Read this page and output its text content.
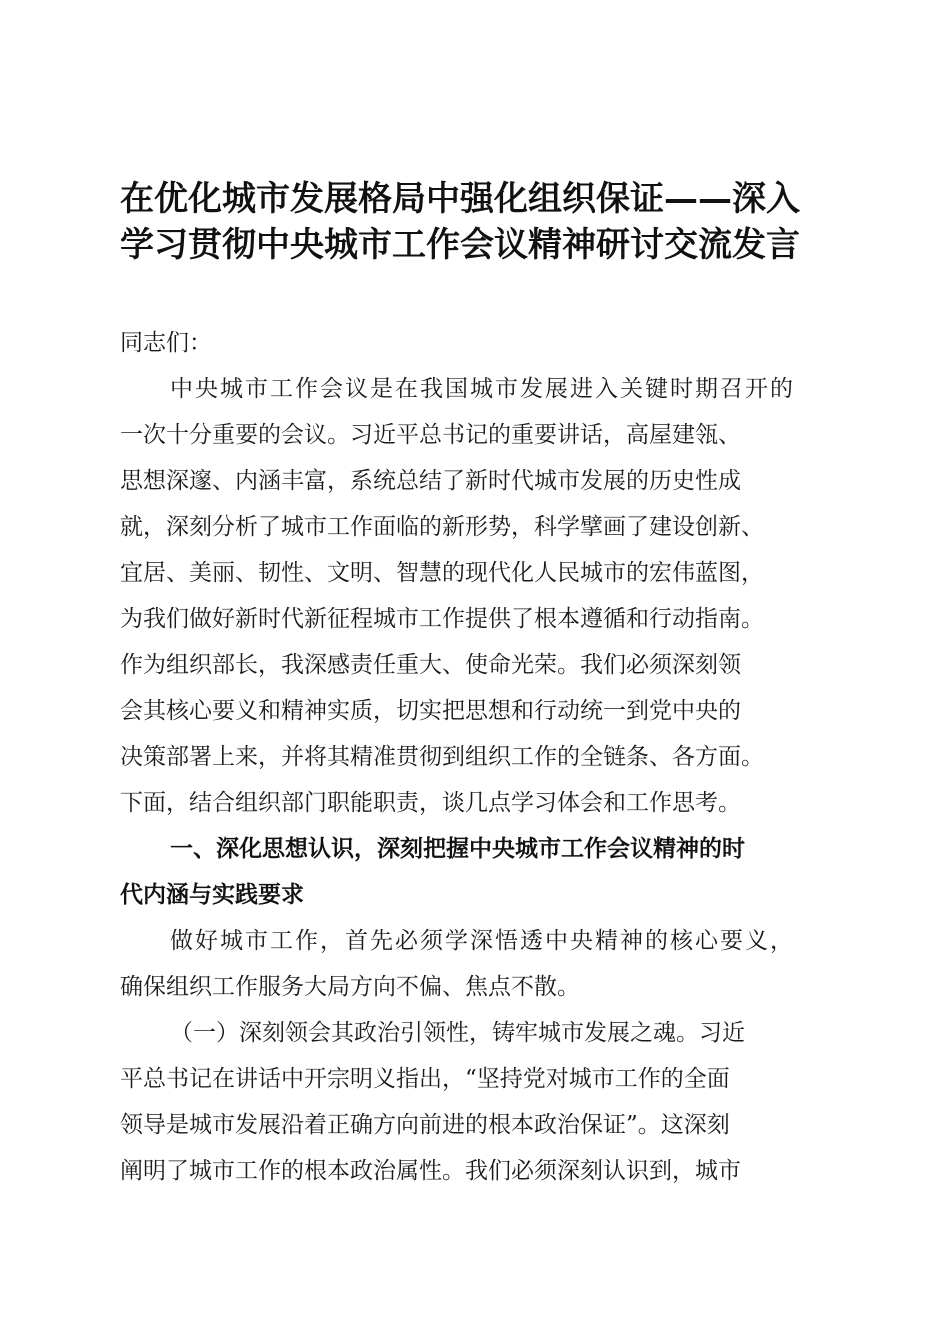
在优化城市发展格局中强化组织保证——深入
学习贯彻中央城市工作会议精神研讨交流发言
同志们：
中央城市工作会议是在我国城市发展进入关键时期召开的
一次十分重要的会议。习近平总书记的重要讲话，高屋建瓴、
思想深邃、内涵丰富，系统总结了新时代城市发展的历史性成
就，深刻分析了城市工作面临的新形势，科学擘画了建设创新、
宜居、美丽、韧性、文明、智慧的现代化人民城市的宏伟蓝图，
为我们做好新时代新征程城市工作提供了根本遵循和行动指南。
作为组织部长，我深感责任重大、使命光荣。我们必须深刻领
会其核心要义和精神实质，切实把思想和行动统一到党中央的
决策部署上来，并将其精准贯彻到组织工作的全链条、各方面。
下面，结合组织部门职能职责，谈几点学习体会和工作思考。
一、深化思想认识，深刻把握中央城市工作会议精神的时
代内涵与实践要求
做好城市工作，首先必须学深悟透中央精神的核心要义，
确保组织工作服务大局方向不偏、焦点不散。
（一）深刻领会其政治引领性，铸牢城市发展之魂。习近
平总书记在讲话中开宗明义指出，“坚持党对城市工作的全面
领导是城市发展沿着正确方向前进的根本政治保证”。这深刻
阐明了城市工作的根本政治属性。我们必须深刻认识到，城市
